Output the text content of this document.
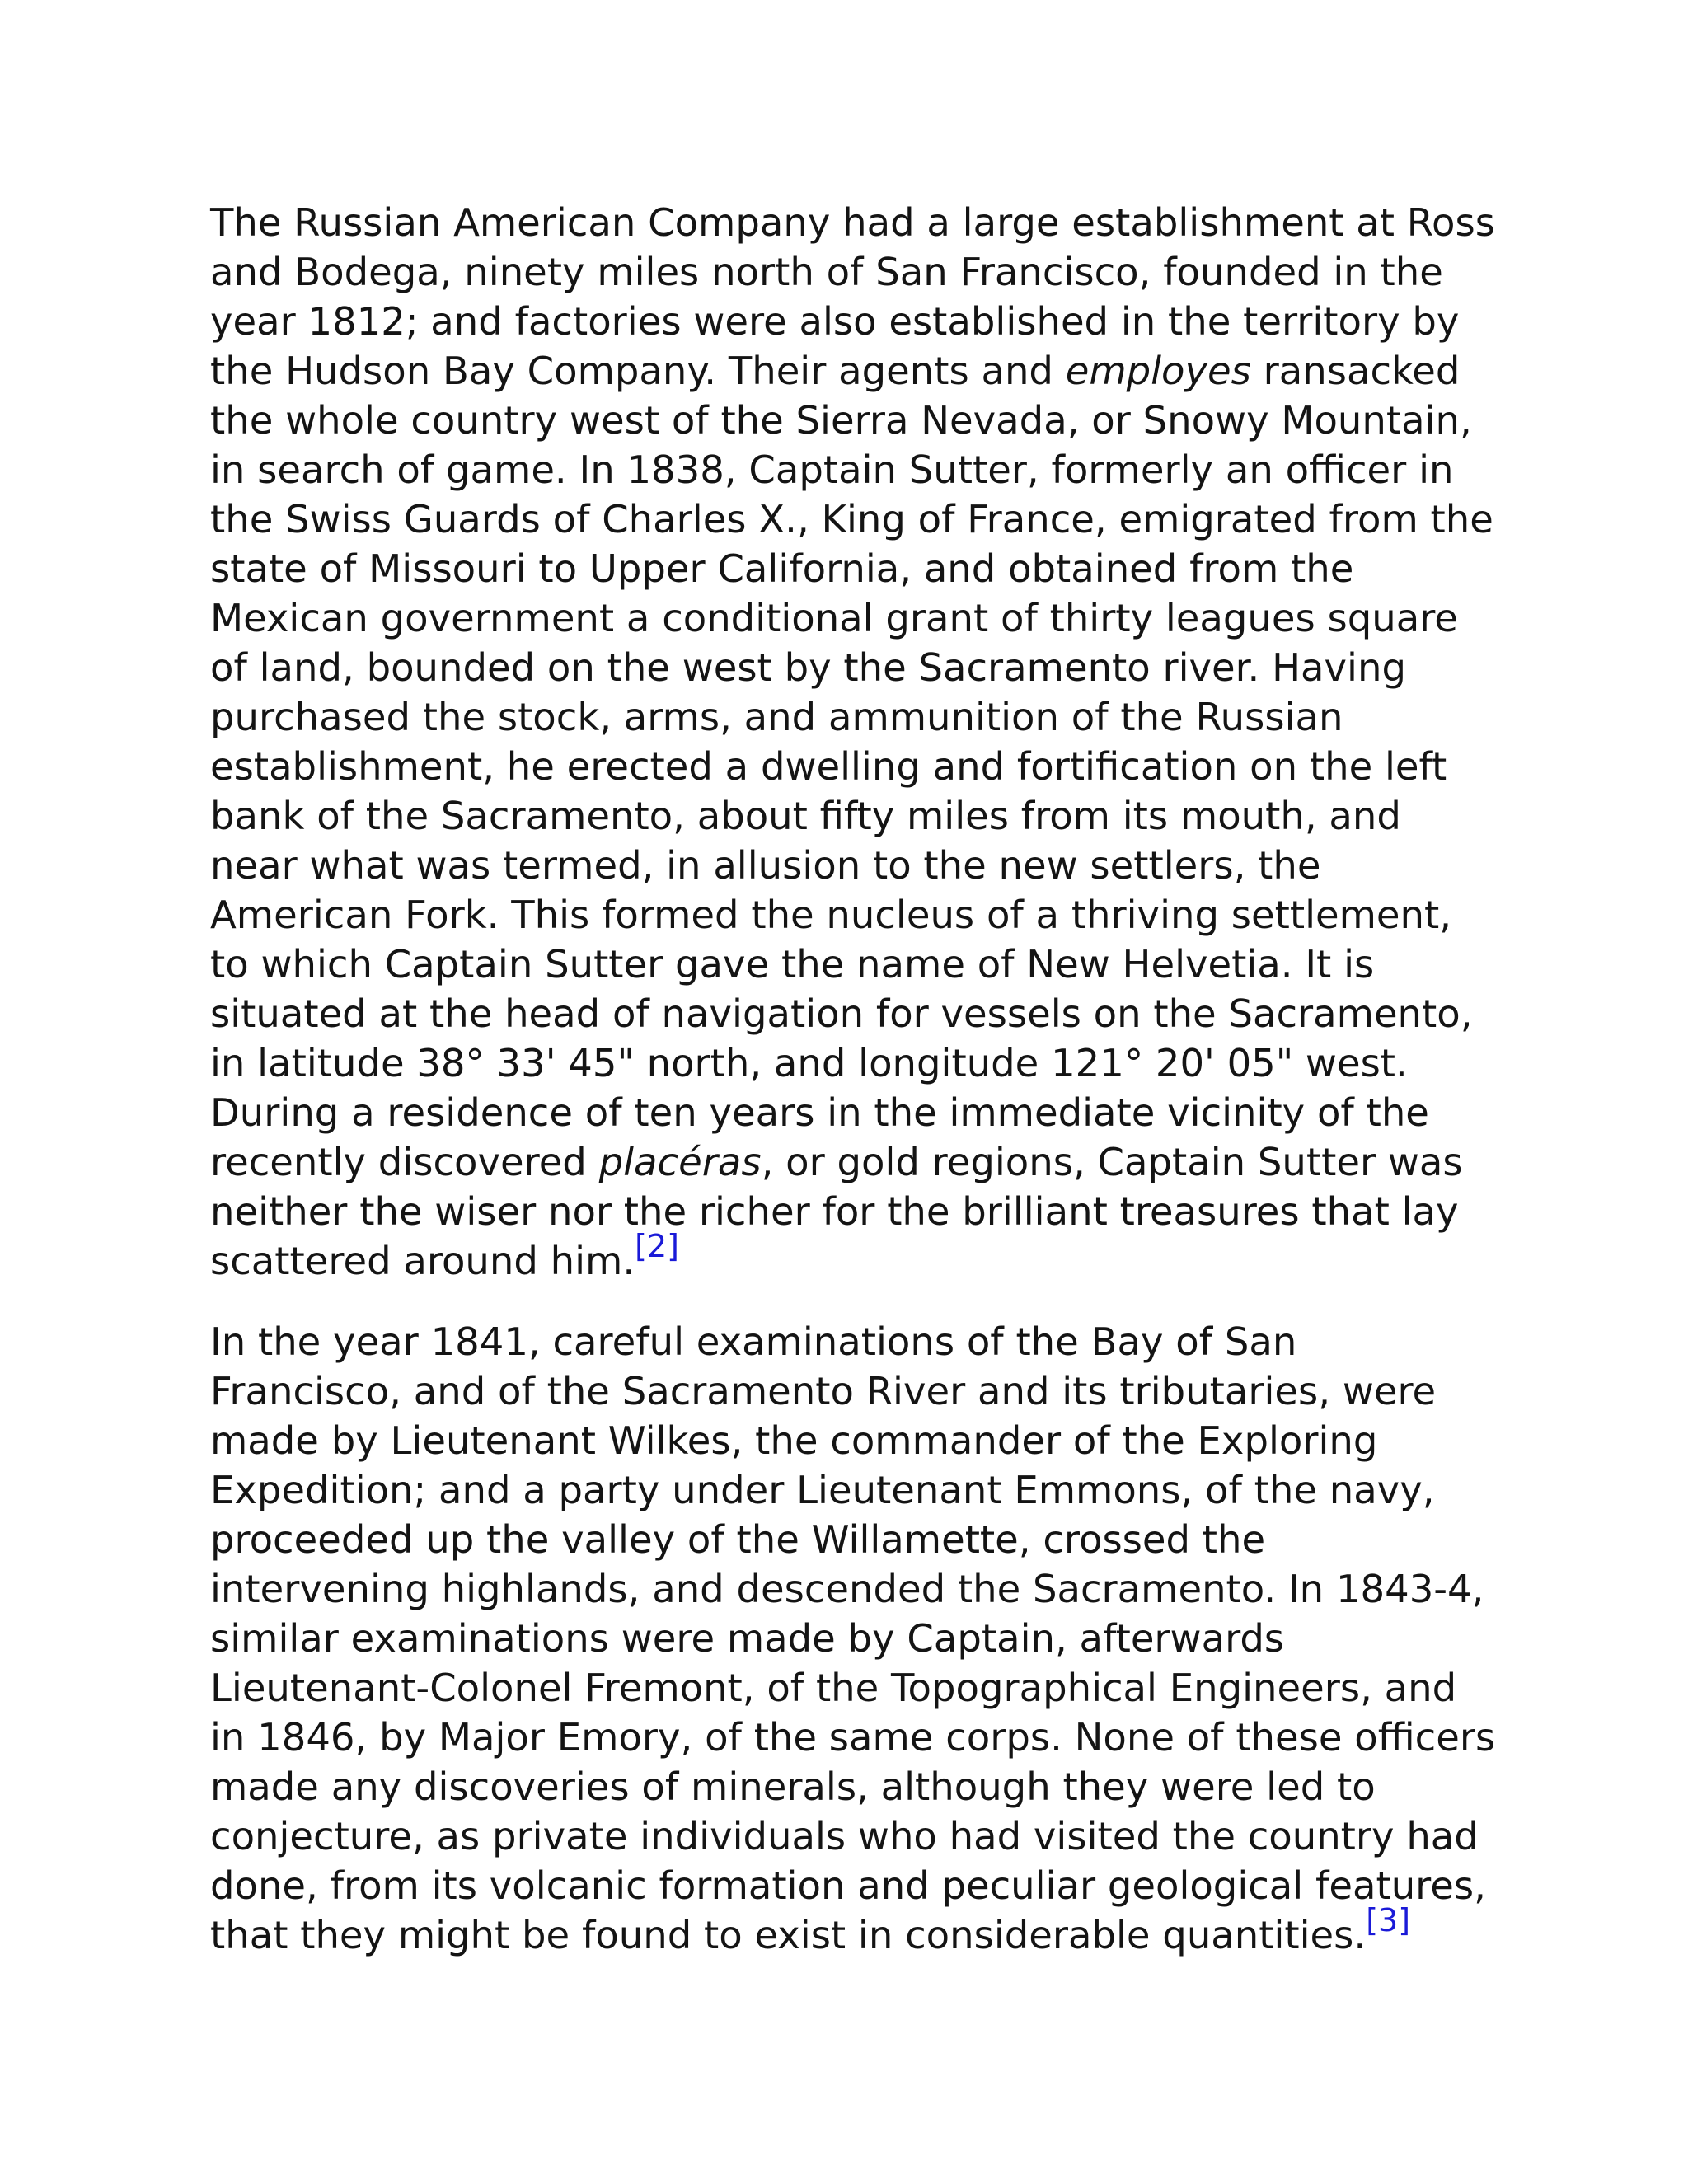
The Russian American Company had a large establishment at Ross and Bodega, ninety miles north of San Francisco, founded in the year 1812; and factories were also established in the territory by the Hudson Bay Company. Their agents and employes ransacked the whole country west of the Sierra Nevada, or Snowy Mountain, in search of game. In 1838, Captain Sutter, formerly an officer in the Swiss Guards of Charles X., King of France, emigrated from the state of Missouri to Upper California, and obtained from the Mexican government a conditional grant of thirty leagues square of land, bounded on the west by the Sacramento river. Having purchased the stock, arms, and ammunition of the Russian establishment, he erected a dwelling and fortification on the left bank of the Sacramento, about fifty miles from its mouth, and near what was termed, in allusion to the new settlers, the American Fork. This formed the nucleus of a thriving settlement, to which Captain Sutter gave the name of New Helvetia. It is situated at the head of navigation for vessels on the Sacramento, in latitude 38° 33' 45" north, and longitude 121° 20' 05" west. During a residence of ten years in the immediate vicinity of the recently discovered placéras, or gold regions, Captain Sutter was neither the wiser nor the richer for the brilliant treasures that lay scattered around him.[2]

In the year 1841, careful examinations of the Bay of San Francisco, and of the Sacramento River and its tributaries, were made by Lieutenant Wilkes, the commander of the Exploring Expedition; and a party under Lieutenant Emmons, of the navy, proceeded up the valley of the Willamette, crossed the intervening highlands, and descended the Sacramento. In 1843-4, similar examinations were made by Captain, afterwards Lieutenant-Colonel Fremont, of the Topographical Engineers, and in 1846, by Major Emory, of the same corps. None of these officers made any discoveries of minerals, although they were led to conjecture, as private individuals who had visited the country had done, from its volcanic formation and peculiar geological features, that they might be found to exist in considerable quantities.[3]
